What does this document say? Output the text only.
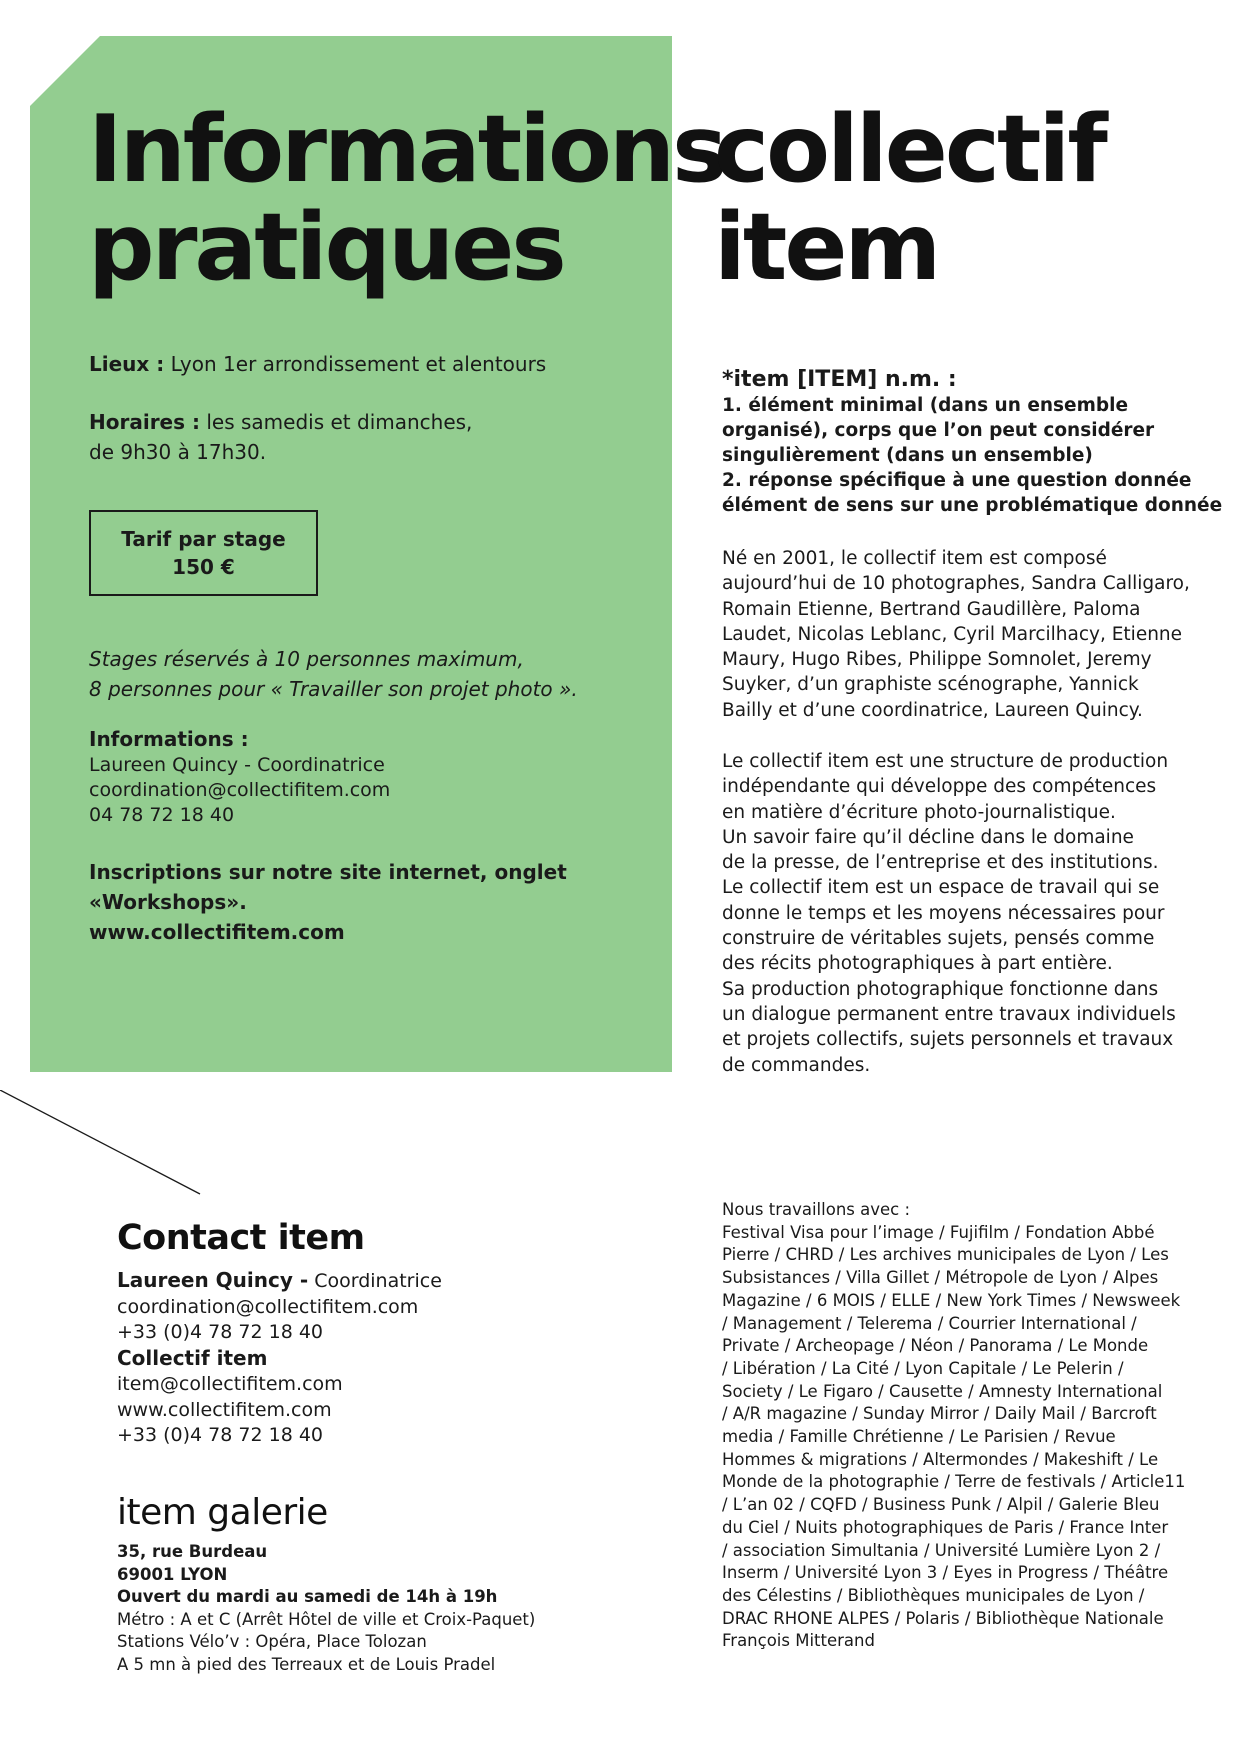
Informations
pratiques
collectif
item

Lieux : Lyon 1er arrondissement et alentours

Horaires : les samedis et dimanches,
de 9h30 à 17h30.

Tarif par stage
150 €

Stages réservés à 10 personnes maximum,
8 personnes pour « Travailler son projet photo ».

Informations :
Laureen Quincy - Coordinatrice
coordination@collectifitem.com
04 78 72 18 40

Inscriptions sur notre site internet, onglet
«Workshops».
www.collectifitem.com

*item [ITEM] n.m. :
1. élément minimal (dans un ensemble
organisé), corps que l’on peut considérer
singulièrement (dans un ensemble)
2. réponse spécifique à une question donnée
élément de sens sur une problématique donnée

Né en 2001, le collectif item est composé
aujourd’hui de 10 photographes, Sandra Calligaro,
Romain Etienne, Bertrand Gaudillère, Paloma
Laudet, Nicolas Leblanc, Cyril Marcilhacy, Etienne
Maury, Hugo Ribes, Philippe Somnolet, Jeremy
Suyker, d’un graphiste scénographe, Yannick
Bailly et d’une coordinatrice, Laureen Quincy.

Le collectif item est une structure de production
indépendante qui développe des compétences
en matière d’écriture photo-journalistique.
Un savoir faire qu’il décline dans le domaine
de la presse, de l’entreprise et des institutions.
Le collectif item est un espace de travail qui se
donne le temps et les moyens nécessaires pour
construire de véritables sujets, pensés comme
des récits photographiques à part entière.
Sa production photographique fonctionne dans
un dialogue permanent entre travaux individuels
et projets collectifs, sujets personnels et travaux
de commandes.

Contact item

Laureen Quincy - Coordinatrice
coordination@collectifitem.com
+33 (0)4 78 72 18 40
Collectif item
item@collectifitem.com
www.collectifitem.com
+33 (0)4 78 72 18 40

item galerie

35, rue Burdeau
69001 LYON
Ouvert du mardi au samedi de 14h à 19h
Métro : A et C (Arrêt Hôtel de ville et Croix-Paquet)
Stations Vélo’v : Opéra, Place Tolozan
A 5 mn à pied des Terreaux et de Louis Pradel

Nous travaillons avec :
Festival Visa pour l’image / Fujifilm / Fondation Abbé
Pierre / CHRD / Les archives municipales de Lyon / Les
Subsistances / Villa Gillet / Métropole de Lyon / Alpes
Magazine / 6 MOIS / ELLE / New York Times / Newsweek
/ Management / Telerema / Courrier International /
Private / Archeopage / Néon / Panorama / Le Monde
/ Libération / La Cité / Lyon Capitale / Le Pelerin /
Society / Le Figaro / Causette / Amnesty International
/ A/R magazine / Sunday Mirror / Daily Mail / Barcroft
media / Famille Chrétienne / Le Parisien / Revue
Hommes & migrations / Altermondes / Makeshift / Le
Monde de la photographie / Terre de festivals / Article11
/ L’an 02 / CQFD / Business Punk / Alpil / Galerie Bleu
du Ciel / Nuits photographiques de Paris / France Inter
/ association Simultania / Université Lumière Lyon 2 /
Inserm / Université Lyon 3 / Eyes in Progress / Théâtre
des Célestins / Bibliothèques municipales de Lyon /
DRAC RHONE ALPES / Polaris / Bibliothèque Nationale
François Mitterand
